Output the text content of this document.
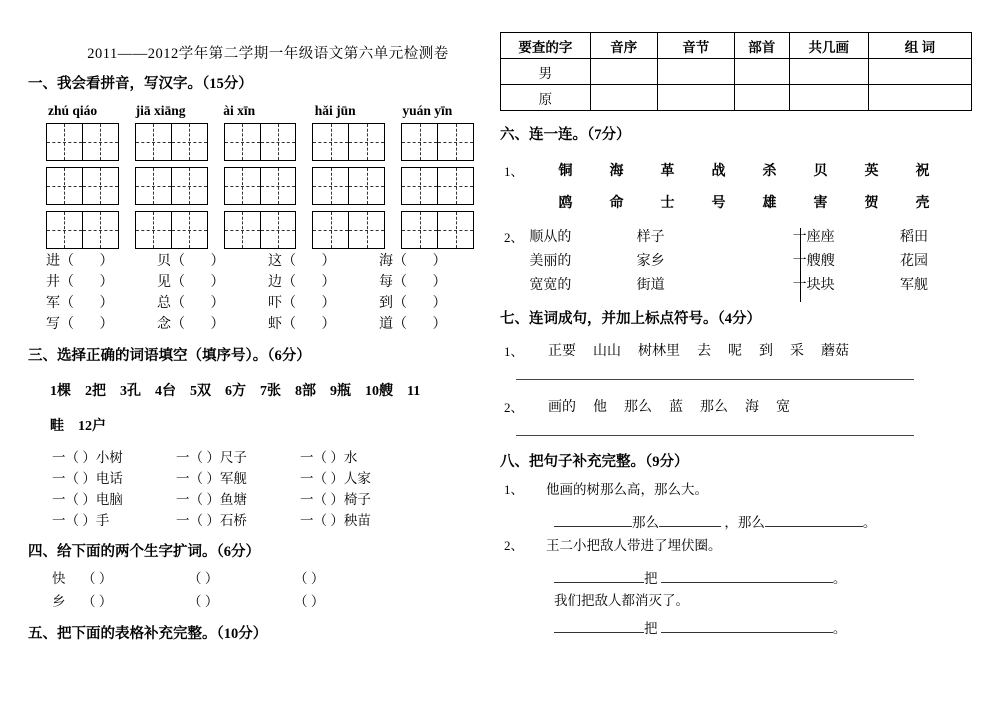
2011——2012学年第二学期一年级语文第六单元检测卷
一、我会看拼音，写汉字。（15分）
zhú qiáo	jiā xiāng	ài xīn	hǎi jūn	yuán yīn
二、我会再组词。（8分）
进（ ）	贝（ ）	这（ ）	海（ ）
井（ ）	见（ ）	边（ ）	每（ ）
军（ ）	总（ ）	吓（ ）	到（ ）
写（ ）	念（ ）	虾（ ）	道（ ）
三、选择正确的词语填空（填序号）。（6分）
1棵 2把 3孔 4台 5双 6方 7张 8部 9瓶 10艘 11
畦 12户
一（ ）小树	一（ ）尺子	一（ ）水
一（ ）电话	一（ ）军舰	一（ ）人家
一（ ）电脑	一（ ）鱼塘	一（ ）椅子
一（ ）手	一（ ）石桥	一（ ）秧苗
四、给下面的两个生字扩词。（6分）
快 （ ）	（ ）	（ ）
乡 （ ）	（ ）	（ ）
五、把下面的表格补充完整。（10分）
要查的字	音序	音节	部首	共几画	组 词
男					
原					
六、连一连。（7分）
1、	铜	海	革	战	杀	贝	英	祝
鸥	命	士	号	雄	害	贺	壳
2、 顺从的	样子	一座座	稻田
美丽的	家乡	一艘艘	花园
宽宽的	街道	一块块	军舰
七、连词成句，并加上标点符号。（4分）
1、	正要 山山 树林里 去 呢 到 采 蘑菇
2、	画的 他 那么 蓝 那么 海 宽
八、把句子补充完整。（9分）
1、	他画的树那么高，那么大。
那么	，那么	。
2、	王二小把敌人带进了埋伏圈。
把	。
我们把敌人都消灭了。
把	。
